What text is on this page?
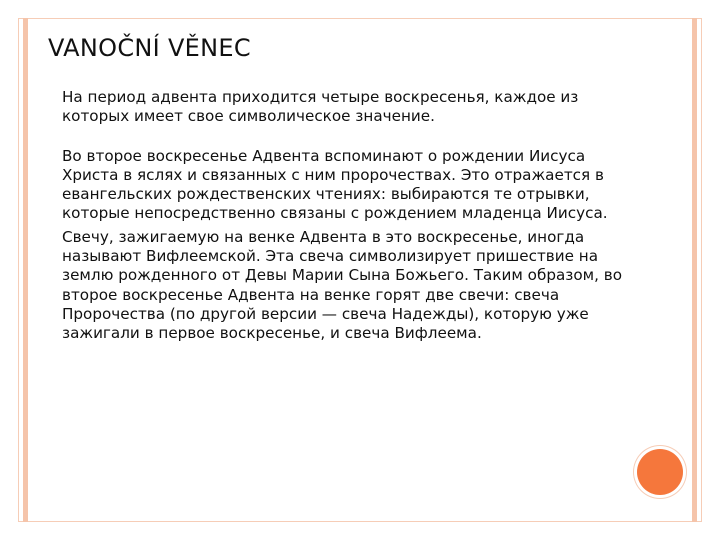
VANOČNÍ VĚNEC

На период адвента приходится четыре воскресенья, каждое из которых имеет свое символическое значение.

Во второе воскресенье Адвента вспоминают о рождении Иисуса Христа в яслях и связанных с ним пророчествах. Это отражается в евангельских рождественских чтениях: выбираются те отрывки, которые непосредственно связаны с рождением младенца Иисуса.

Свечу, зажигаемую на венке Адвента в это воскресенье, иногда называют Вифлеемской. Эта свеча символизирует пришествие на землю рожденного от Девы Марии Сына Божьего. Таким образом, во второе воскресенье Адвента на венке горят две свечи: свеча Пророчества (по другой версии — свеча Надежды), которую уже зажигали в первое воскресенье, и свеча Вифлеема.
